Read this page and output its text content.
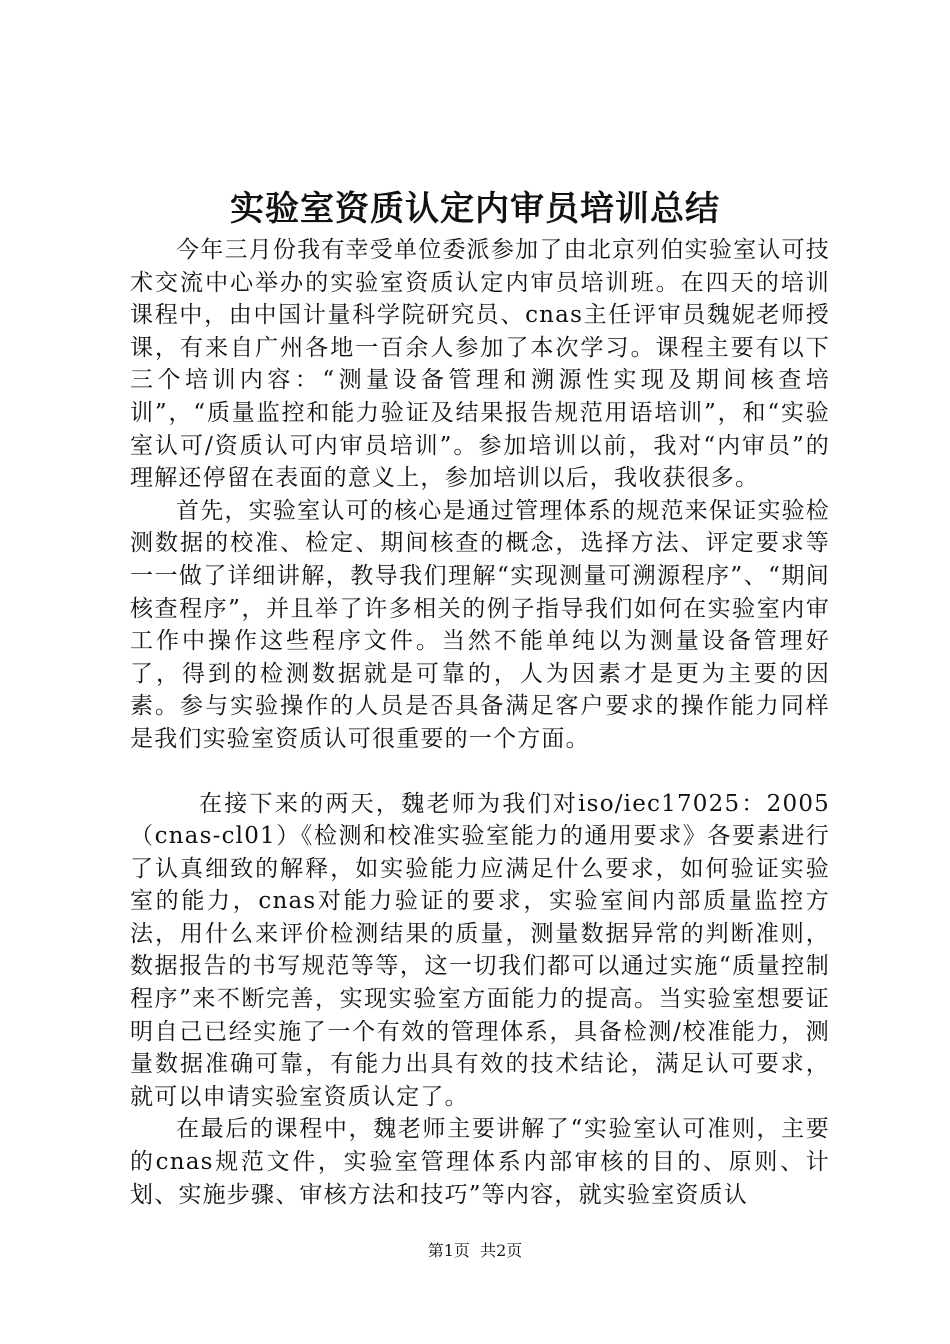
实验室资质认定内审员培训总结

今年三月份我有幸受单位委派参加了由北京列伯实验室认可技术交流中心举办的实验室资质认定内审员培训班。在四天的培训课程中，由中国计量科学院研究员、cnas主任评审员魏妮老师授课，有来自广州各地一百余人参加了本次学习。课程主要有以下三个培训内容：“测量设备管理和溯源性实现及期间核查培训”，“质量监控和能力验证及结果报告规范用语培训”，和“实验室认可/资质认可内审员培训”。参加培训以前，我对“内审员”的理解还停留在表面的意义上，参加培训以后，我收获很多。

首先，实验室认可的核心是通过管理体系的规范来保证实验检测数据的校准、检定、期间核查的概念，选择方法、评定要求等一一做了详细讲解，教导我们理解“实现测量可溯源程序”、“期间核查程序”，并且举了许多相关的例子指导我们如何在实验室内审工作中操作这些程序文件。当然不能单纯以为测量设备管理好了，得到的检测数据就是可靠的，人为因素才是更为主要的因素。参与实验操作的人员是否具备满足客户要求的操作能力同样是我们实验室资质认可很重要的一个方面。

在接下来的两天，魏老师为我们对iso/iec17025：2005（cnas-cl01）《检测和校准实验室能力的通用要求》各要素进行了认真细致的解释，如实验能力应满足什么要求，如何验证实验室的能力，cnas对能力验证的要求，实验室间内部质量监控方法，用什么来评价检测结果的质量，测量数据异常的判断准则，数据报告的书写规范等等，这一切我们都可以通过实施“质量控制程序”来不断完善，实现实验室方面能力的提高。当实验室想要证明自己已经实施了一个有效的管理体系，具备检测/校准能力，测量数据准确可靠，有能力出具有效的技术结论，满足认可要求，就可以申请实验室资质认定了。

在最后的课程中，魏老师主要讲解了“实验室认可准则，主要的cnas规范文件，实验室管理体系内部审核的目的、原则、计划、实施步骤、审核方法和技巧”等内容，就实验室资质认

第1页 共2页
